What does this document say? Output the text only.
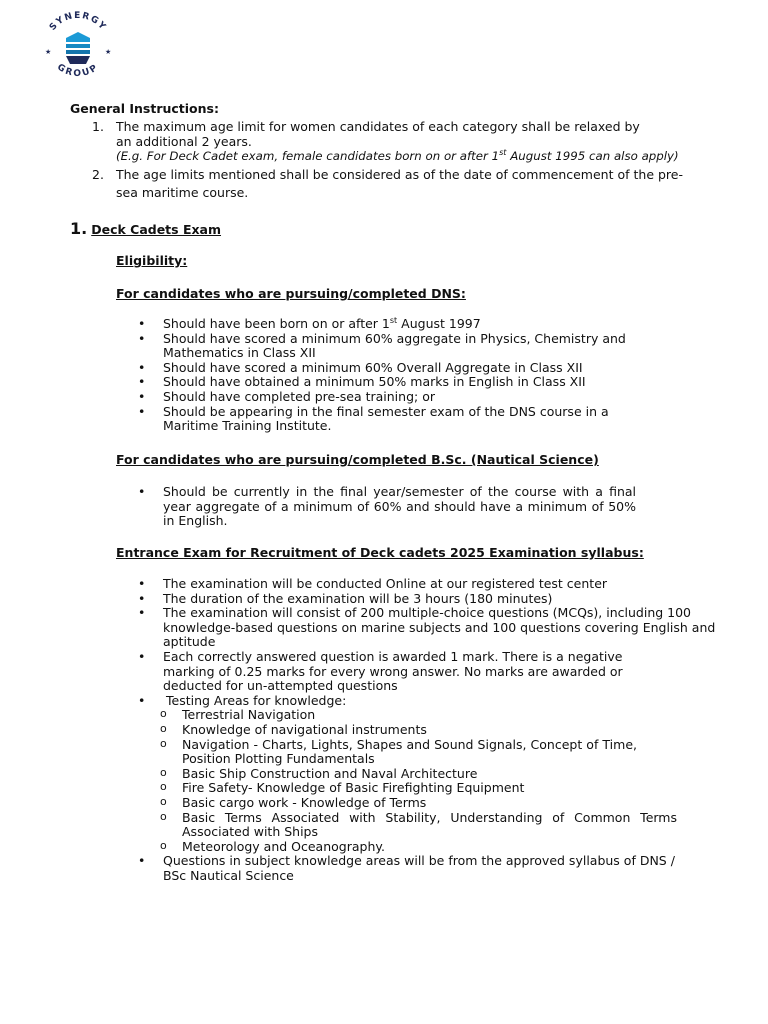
SYNERGY
GROUP
★	★
General Instructions:
1. The maximum age limit for women candidates of each category shall be relaxed by
an additional 2 years.
(E.g. For Deck Cadet exam, female candidates born on or after 1st August 1995 can also apply)
2. The age limits mentioned shall be considered as of the date of commencement of the pre-
sea maritime course.
1. Deck Cadets Exam
Eligibility:
For candidates who are pursuing/completed DNS:
• Should have been born on or after 1st August 1997
• Should have scored a minimum 60% aggregate in Physics, Chemistry and
Mathematics in Class XII
• Should have scored a minimum 60% Overall Aggregate in Class XII
• Should have obtained a minimum 50% marks in English in Class XII
• Should have completed pre-sea training; or
• Should be appearing in the final semester exam of the DNS course in a
Maritime Training Institute.
For candidates who are pursuing/completed B.Sc. (Nautical Science)
• Should be currently in the final year/semester of the course with a final year aggregate of a minimum of 60% and should have a minimum of 50% in English.
Entrance Exam for Recruitment of Deck cadets 2025 Examination syllabus:
• The examination will be conducted Online at our registered test center
• The duration of the examination will be 3 hours (180 minutes)
• The examination will consist of 200 multiple-choice questions (MCQs), including 100 knowledge-based questions on marine subjects and 100 questions covering English and aptitude
• Each correctly answered question is awarded 1 mark. There is a negative marking of 0.25 marks for every wrong answer. No marks are awarded or deducted for un-attempted questions
• Testing Areas for knowledge:
o Terrestrial Navigation
o Knowledge of navigational instruments
o Navigation - Charts, Lights, Shapes and Sound Signals, Concept of Time, Position Plotting Fundamentals
o Basic Ship Construction and Naval Architecture
o Fire Safety- Knowledge of Basic Firefighting Equipment
o Basic cargo work - Knowledge of Terms
o Basic Terms Associated with Stability, Understanding of Common Terms Associated with Ships
o Meteorology and Oceanography.
• Questions in subject knowledge areas will be from the approved syllabus of DNS /
BSc Nautical Science
